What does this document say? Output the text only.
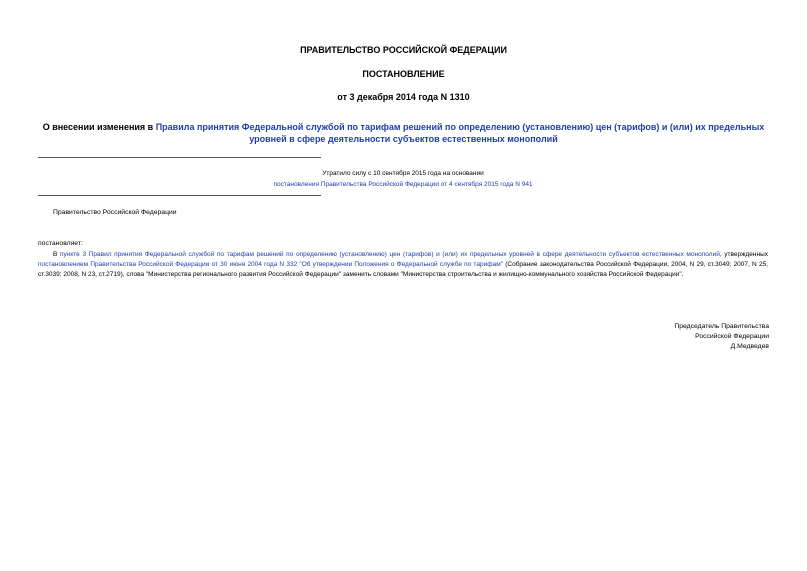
ПРАВИТЕЛЬСТВО РОССИЙСКОЙ ФЕДЕРАЦИИ
ПОСТАНОВЛЕНИЕ
от 3 декабря 2014 года N 1310
О внесении изменения в Правила принятия Федеральной службой по тарифам решений по определению (установлению) цен (тарифов) и (или) их предельных уровней в сфере деятельности субъектов естественных монополий
Утратило силу с 10 сентября 2015 года на основании
постановления Правительства Российской Федерации от 4 сентября 2015 года N 941
Правительство Российской Федерации
постановляет:
В пункте 3 Правил принятия Федеральной службой по тарифам решений по определению (установлению) цен (тарифов) и (или) их предельных уровней в сфере деятельности субъектов естественных монополий, утвержденных постановлением Правительства Российской Федерации от 30 июня 2004 года N 332 "Об утверждении Положения о Федеральной службе по тарифам" (Собрание законодательства Российской Федерации, 2004, N 29, ст.3049; 2007, N 25, ст.3039; 2008, N 23, ст.2719), слова "Министерства регионального развития Российской Федерации" заменить словами "Министерства строительства и жилищно-коммунального хозяйства Российской Федерации".
Председатель Правительства
Российской Федерации
Д.Медведев
